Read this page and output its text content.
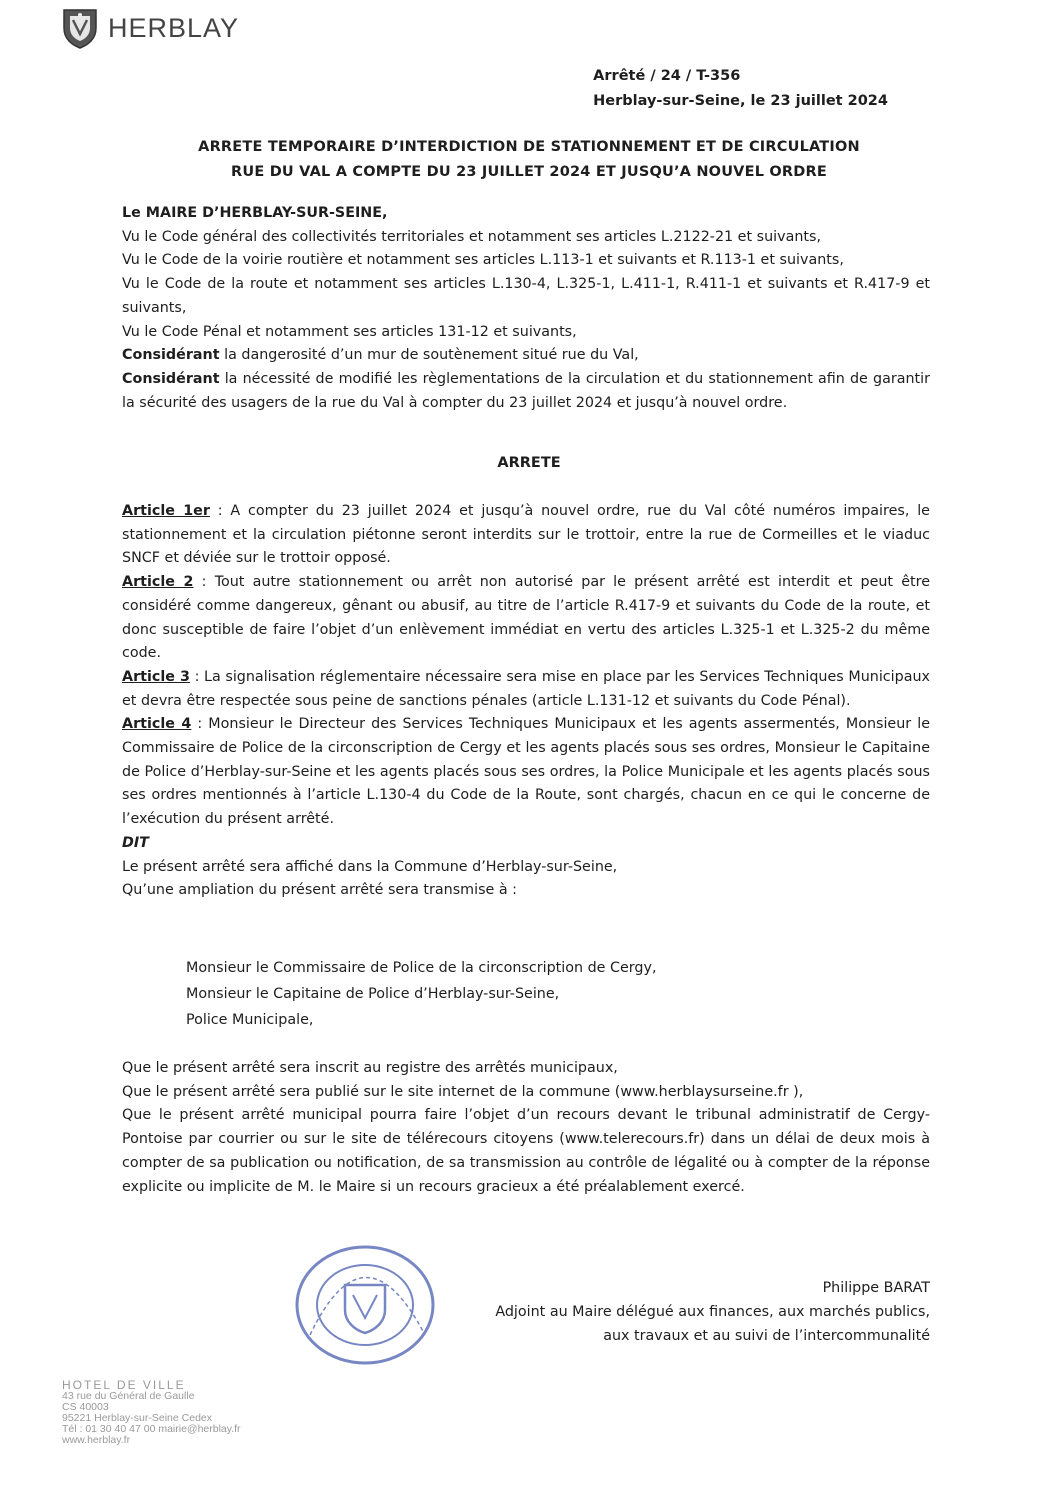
HERBLAY
Arrêté / 24 / T-356
Herblay-sur-Seine, le 23 juillet 2024
ARRETE TEMPORAIRE D’INTERDICTION DE STATIONNEMENT ET DE CIRCULATION
RUE DU VAL A COMPTE DU 23 JUILLET 2024 ET JUSQU’A NOUVEL ORDRE

Le MAIRE D’HERBLAY-SUR-SEINE,

Vu le Code général des collectivités territoriales et notamment ses articles L.2122-21 et suivants,

Vu le Code de la voirie routière et notamment ses articles L.113-1 et suivants et R.113-1 et suivants,

Vu le Code de la route et notamment ses articles L.130-4, L.325-1, L.411-1, R.411-1 et suivants et R.417-9 et suivants,

Vu le Code Pénal et notamment ses articles 131-12 et suivants,

Considérant la dangerosité d’un mur de soutènement situé rue du Val,

Considérant la nécessité de modifié les règlementations de la circulation et du stationnement afin de garantir la sécurité des usagers de la rue du Val à compter du 23 juillet 2024 et jusqu’à nouvel ordre.

ARRETE

Article 1er : A compter du 23 juillet 2024 et jusqu’à nouvel ordre, rue du Val côté numéros impaires, le stationnement et la circulation piétonne seront interdits sur le trottoir, entre la rue de Cormeilles et le viaduc SNCF et déviée sur le trottoir opposé.

Article 2 : Tout autre stationnement ou arrêt non autorisé par le présent arrêté est interdit et peut être considéré comme dangereux, gênant ou abusif, au titre de l’article R.417-9 et suivants du Code de la route, et donc susceptible de faire l’objet d’un enlèvement immédiat en vertu des articles L.325-1 et L.325-2 du même code.

Article 3 : La signalisation réglementaire nécessaire sera mise en place par les Services Techniques Municipaux et devra être respectée sous peine de sanctions pénales (article L.131-12 et suivants du Code Pénal).

Article 4 : Monsieur le Directeur des Services Techniques Municipaux et les agents assermentés, Monsieur le Commissaire de Police de la circonscription de Cergy et les agents placés sous ses ordres, Monsieur le Capitaine de Police d’Herblay-sur-Seine et les agents placés sous ses ordres, la Police Municipale et les agents placés sous ses ordres mentionnés à l’article L.130-4 du Code de la Route, sont chargés, chacun en ce qui le concerne de l’exécution du présent arrêté.

DIT

Le présent arrêté sera affiché dans la Commune d’Herblay-sur-Seine,

Qu’une ampliation du présent arrêté sera transmise à :

Monsieur le Commissaire de Police de la circonscription de Cergy,
Monsieur le Capitaine de Police d’Herblay-sur-Seine,
Police Municipale,

Que le présent arrêté sera inscrit au registre des arrêtés municipaux,

Que le présent arrêté sera publié sur le site internet de la commune (www.herblaysurseine.fr ),

Que le présent arrêté municipal pourra faire l’objet d’un recours devant le tribunal administratif de Cergy-Pontoise par courrier ou sur le site de télérecours citoyens (www.telerecours.fr) dans un délai de deux mois à compter de sa publication ou notification, de sa transmission au contrôle de légalité ou à compter de la réponse explicite ou implicite de M. le Maire si un recours gracieux a été préalablement exercé.

Philippe BARAT
Adjoint au Maire délégué aux finances, aux marchés publics,
aux travaux et au suivi de l’intercommunalité
HOTEL DE VILLE
43 rue du Général de Gaulle
CS 40003
95221 Herblay-sur-Seine Cedex
Tél : 01 30 40 47 00 mairie@herblay.fr
www.herblay.fr
